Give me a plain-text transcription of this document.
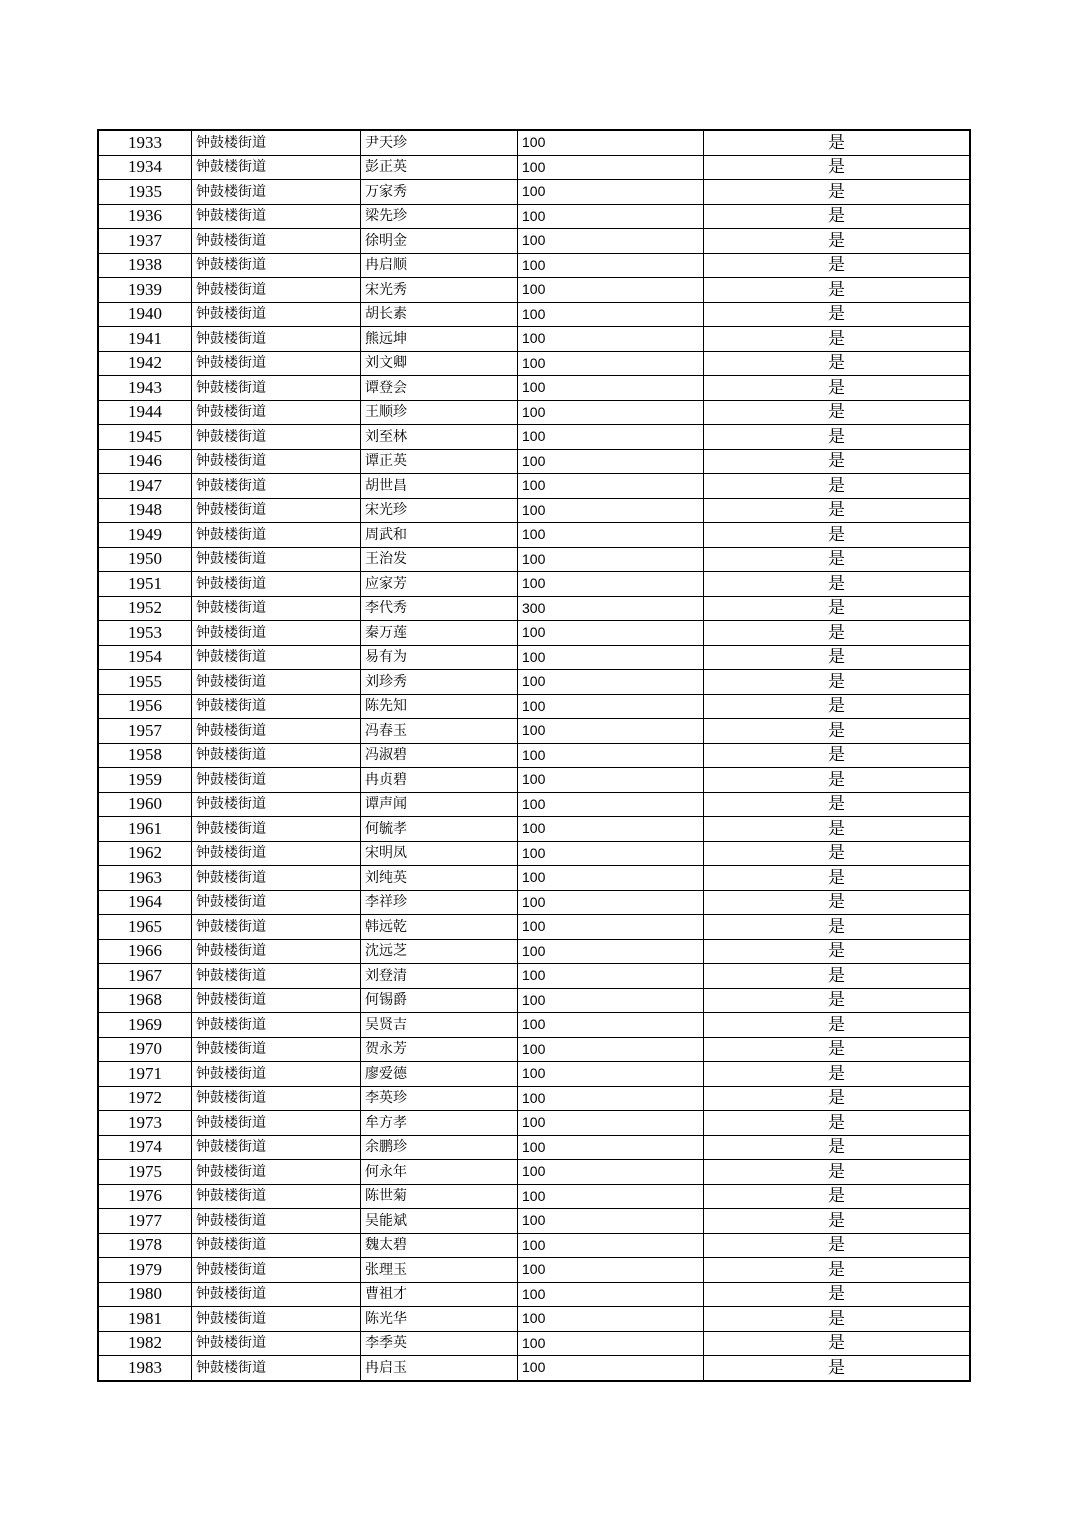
1933	钟鼓楼街道	尹天珍	100	是
1934	钟鼓楼街道	彭正英	100	是
1935	钟鼓楼街道	万家秀	100	是
1936	钟鼓楼街道	梁先珍	100	是
1937	钟鼓楼街道	徐明金	100	是
1938	钟鼓楼街道	冉启顺	100	是
1939	钟鼓楼街道	宋光秀	100	是
1940	钟鼓楼街道	胡长素	100	是
1941	钟鼓楼街道	熊远坤	100	是
1942	钟鼓楼街道	刘文卿	100	是
1943	钟鼓楼街道	谭登会	100	是
1944	钟鼓楼街道	王顺珍	100	是
1945	钟鼓楼街道	刘至林	100	是
1946	钟鼓楼街道	谭正英	100	是
1947	钟鼓楼街道	胡世昌	100	是
1948	钟鼓楼街道	宋光珍	100	是
1949	钟鼓楼街道	周武和	100	是
1950	钟鼓楼街道	王治发	100	是
1951	钟鼓楼街道	应家芳	100	是
1952	钟鼓楼街道	李代秀	300	是
1953	钟鼓楼街道	秦万莲	100	是
1954	钟鼓楼街道	易有为	100	是
1955	钟鼓楼街道	刘珍秀	100	是
1956	钟鼓楼街道	陈先知	100	是
1957	钟鼓楼街道	冯春玉	100	是
1958	钟鼓楼街道	冯淑碧	100	是
1959	钟鼓楼街道	冉贞碧	100	是
1960	钟鼓楼街道	谭声闻	100	是
1961	钟鼓楼街道	何毓孝	100	是
1962	钟鼓楼街道	宋明凤	100	是
1963	钟鼓楼街道	刘纯英	100	是
1964	钟鼓楼街道	李祥珍	100	是
1965	钟鼓楼街道	韩远乾	100	是
1966	钟鼓楼街道	沈远芝	100	是
1967	钟鼓楼街道	刘登清	100	是
1968	钟鼓楼街道	何锡爵	100	是
1969	钟鼓楼街道	吴贤吉	100	是
1970	钟鼓楼街道	贺永芳	100	是
1971	钟鼓楼街道	廖爱德	100	是
1972	钟鼓楼街道	李英珍	100	是
1973	钟鼓楼街道	牟方孝	100	是
1974	钟鼓楼街道	余鹏珍	100	是
1975	钟鼓楼街道	何永年	100	是
1976	钟鼓楼街道	陈世菊	100	是
1977	钟鼓楼街道	吴能斌	100	是
1978	钟鼓楼街道	魏太碧	100	是
1979	钟鼓楼街道	张理玉	100	是
1980	钟鼓楼街道	曹祖才	100	是
1981	钟鼓楼街道	陈光华	100	是
1982	钟鼓楼街道	李季英	100	是
1983	钟鼓楼街道	冉启玉	100	是
